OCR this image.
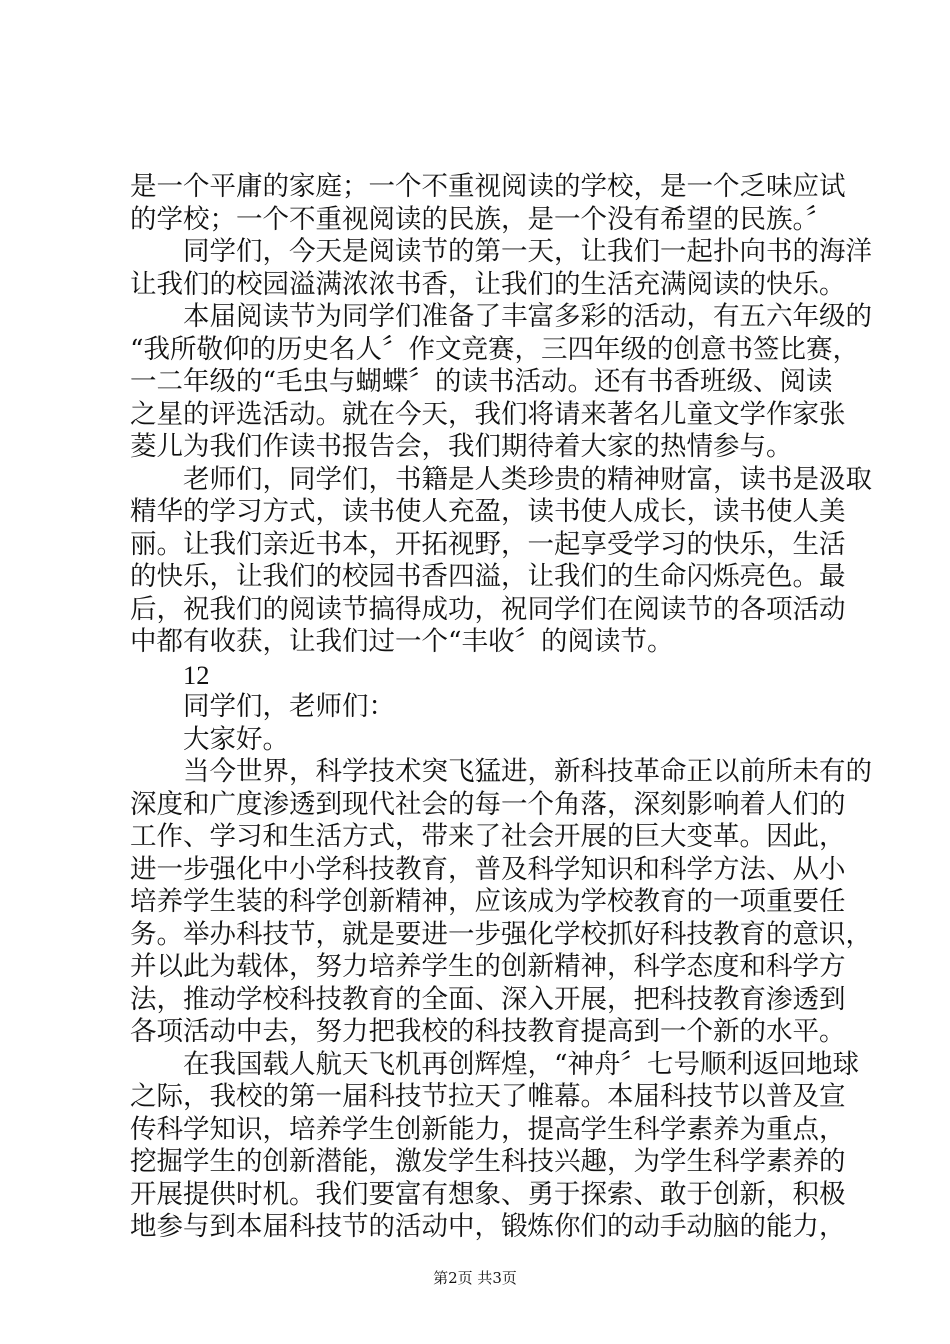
是一个平庸的家庭；一个不重视阅读的学校，是一个乏味应试
的学校；一个不重视阅读的民族，是一个没有希望的民族。〞
同学们，今天是阅读节的第一天，让我们一起扑向书的海洋
让我们的校园溢满浓浓书香，让我们的生活充满阅读的快乐。
本届阅读节为同学们准备了丰富多彩的活动，有五六年级的
“我所敬仰的历史名人〞作文竞赛，三四年级的创意书签比赛，
一二年级的“毛虫与蝴蝶〞的读书活动。还有书香班级、阅读
之星的评选活动。就在今天，我们将请来著名儿童文学作家张
菱儿为我们作读书报告会，我们期待着大家的热情参与。
老师们，同学们，书籍是人类珍贵的精神财富，读书是汲取
精华的学习方式，读书使人充盈，读书使人成长，读书使人美
丽。让我们亲近书本，开拓视野，一起享受学习的快乐，生活
的快乐，让我们的校园书香四溢，让我们的生命闪烁亮色。最
后，祝我们的阅读节搞得成功，祝同学们在阅读节的各项活动
中都有收获，让我们过一个“丰收〞的阅读节。
12
同学们，老师们：
大家好。
当今世界，科学技术突飞猛进，新科技革命正以前所未有的
深度和广度渗透到现代社会的每一个角落，深刻影响着人们的
工作、学习和生活方式，带来了社会开展的巨大变革。因此，
进一步强化中小学科技教育，普及科学知识和科学方法、从小
培养学生装的科学创新精神，应该成为学校教育的一项重要任
务。举办科技节，就是要进一步强化学校抓好科技教育的意识，
并以此为载体，努力培养学生的创新精神，科学态度和科学方
法，推动学校科技教育的全面、深入开展，把科技教育渗透到
各项活动中去，努力把我校的科技教育提高到一个新的水平。
在我国载人航天飞机再创辉煌，“神舟〞七号顺利返回地球
之际，我校的第一届科技节拉天了帷幕。本届科技节以普及宣
传科学知识，培养学生创新能力，提高学生科学素养为重点，
挖掘学生的创新潜能，激发学生科技兴趣，为学生科学素养的
开展提供时机。我们要富有想象、勇于探索、敢于创新，积极
地参与到本届科技节的活动中，锻炼你们的动手动脑的能力，
第2页 共3页
